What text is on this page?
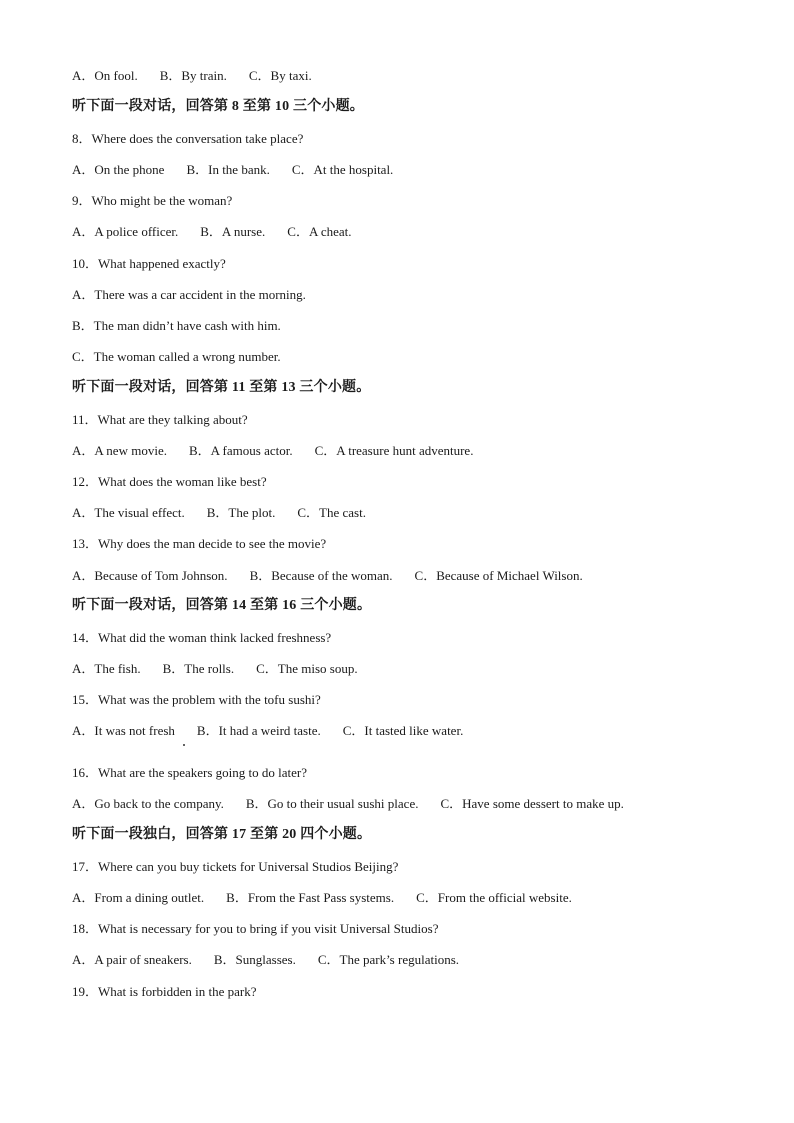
A．On fool. B．By train. C．By taxi.
听下面一段对话，回答第 8 至第 10 三个小题。
8．Where does the conversation take place?
A．On the phone B．In the bank. C．At the hospital.
9．Who might be the woman?
A．A police officer. B．A nurse. C．A cheat.
10．What happened exactly?
A．There was a car accident in the morning.
B．The man didn’t have cash with him.
C．The woman called a wrong number.
听下面一段对话，回答第 11 至第 13 三个小题。
11．What are they talking about?
A．A new movie. B．A famous actor. C．A treasure hunt adventure.
12．What does the woman like best?
A．The visual effect. B．The plot. C．The cast.
13．Why does the man decide to see the movie?
A．Because of Tom Johnson. B．Because of the woman. C．Because of Michael Wilson.
听下面一段对话，回答第 14 至第 16 三个小题。
14．What did the woman think lacked freshness?
A．The fish. B．The rolls. C．The miso soup.
15．What was the problem with the tofu sushi?
A．It was not fresh B．It had a weird taste. C．It tasted like water.
16．What are the speakers going to do later?
A．Go back to the company. B．Go to their usual sushi place. C．Have some dessert to make up.
听下面一段独白，回答第 17 至第 20 四个小题。
17．Where can you buy tickets for Universal Studios Beijing?
A．From a dining outlet. B．From the Fast Pass systems. C．From the official website.
18．What is necessary for you to bring if you visit Universal Studios?
A．A pair of sneakers. B．Sunglasses. C．The park’s regulations.
19．What is forbidden in the park?
